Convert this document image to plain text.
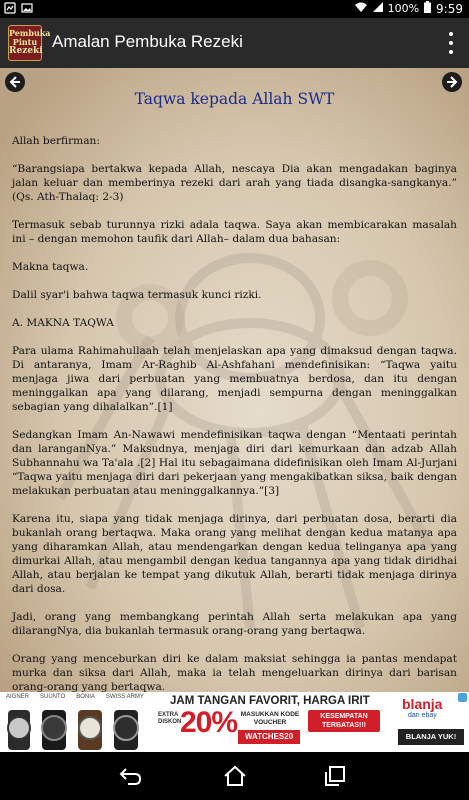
100% 9:59
Pembuka
Pintu
Rezeki Amalan Pembuka Rezeki
Taqwa kepada Allah SWT

Allah berfirman:

“Barangsiapa bertakwa kepada Allah, nescaya Dia akan mengadakan baginya jalan keluar dan memberinya rezeki dari arah yang tiada disangka-sangkanya.” (Qs. Ath-Thalaq: 2-3)

Termasuk sebab turunnya rizki adala taqwa. Saya akan membicarakan masalah ini – dengan memohon taufik dari Allah– dalam dua bahasan:

Makna taqwa.

Dalil syar'i bahwa taqwa termasuk kunci rizki.

A. MAKNA TAQWA

Para ulama Rahimahullaah telah menjelaskan apa yang dimaksud dengan taqwa. Di antaranya, Imam Ar-Raghib Al-Ashfahani mendefinisikan: “Taqwa yaitu menjaga jiwa dari perbuatan yang membuatnya berdosa, dan itu dengan meninggalkan apa yang dilarang, menjadi sempurna dengan meninggalkan sebagian yang dihalalkan”.[1]

Sedangkan Imam An-Nawawi mendefinisikan taqwa dengan “Mentaati perintah dan laranganNya.” Maksudnya, menjaga diri dari kemurkaan dan adzab Allah Subhannahu wa Ta'ala .[2] Hal itu sebagaimana didefinisikan oleh Imam Al-Jurjani “Taqwa yaitu menjaga diri dari pekerjaan yang mengakibatkan siksa, baik dengan melakukan perbuatan atau meninggalkannya.”[3]

Karena itu, siapa yang tidak menjaga dirinya, dari perbuatan dosa, berarti dia bukanlah orang bertaqwa. Maka orang yang melihat dengan kedua matanya apa yang diharamkan Allah, atau mendengarkan dengan kedua telinganya apa yang dimurkai Allah, atau mengambil dengan kedua tangannya apa yang tidak diridhai Allah, atau berjalan ke tempat yang dikutuk Allah, berarti tidak menjaga dirinya dari dosa.

Jadi, orang yang membangkang perintah Allah serta melakukan apa yang dilarangNya, dia bukanlah termasuk orang-orang yang bertaqwa.

Orang yang menceburkan diri ke dalam maksiat sehingga ia pantas mendapat murka dan siksa dari Allah, maka ia telah mengeluarkan dirinya dari barisan orang-orang yang bertaqwa.

AIGNER SUUNTO BONIA SWISS ARMY JAM TANGAN FAVORIT, HARGA IRIT
EXTRA
DISKON
20% MASUKKAN KODE
VOUCHER
WATCHES20
KESEMPATAN
TERBATAS!!!
blanja
dan ebay
BLANJA YUK!
